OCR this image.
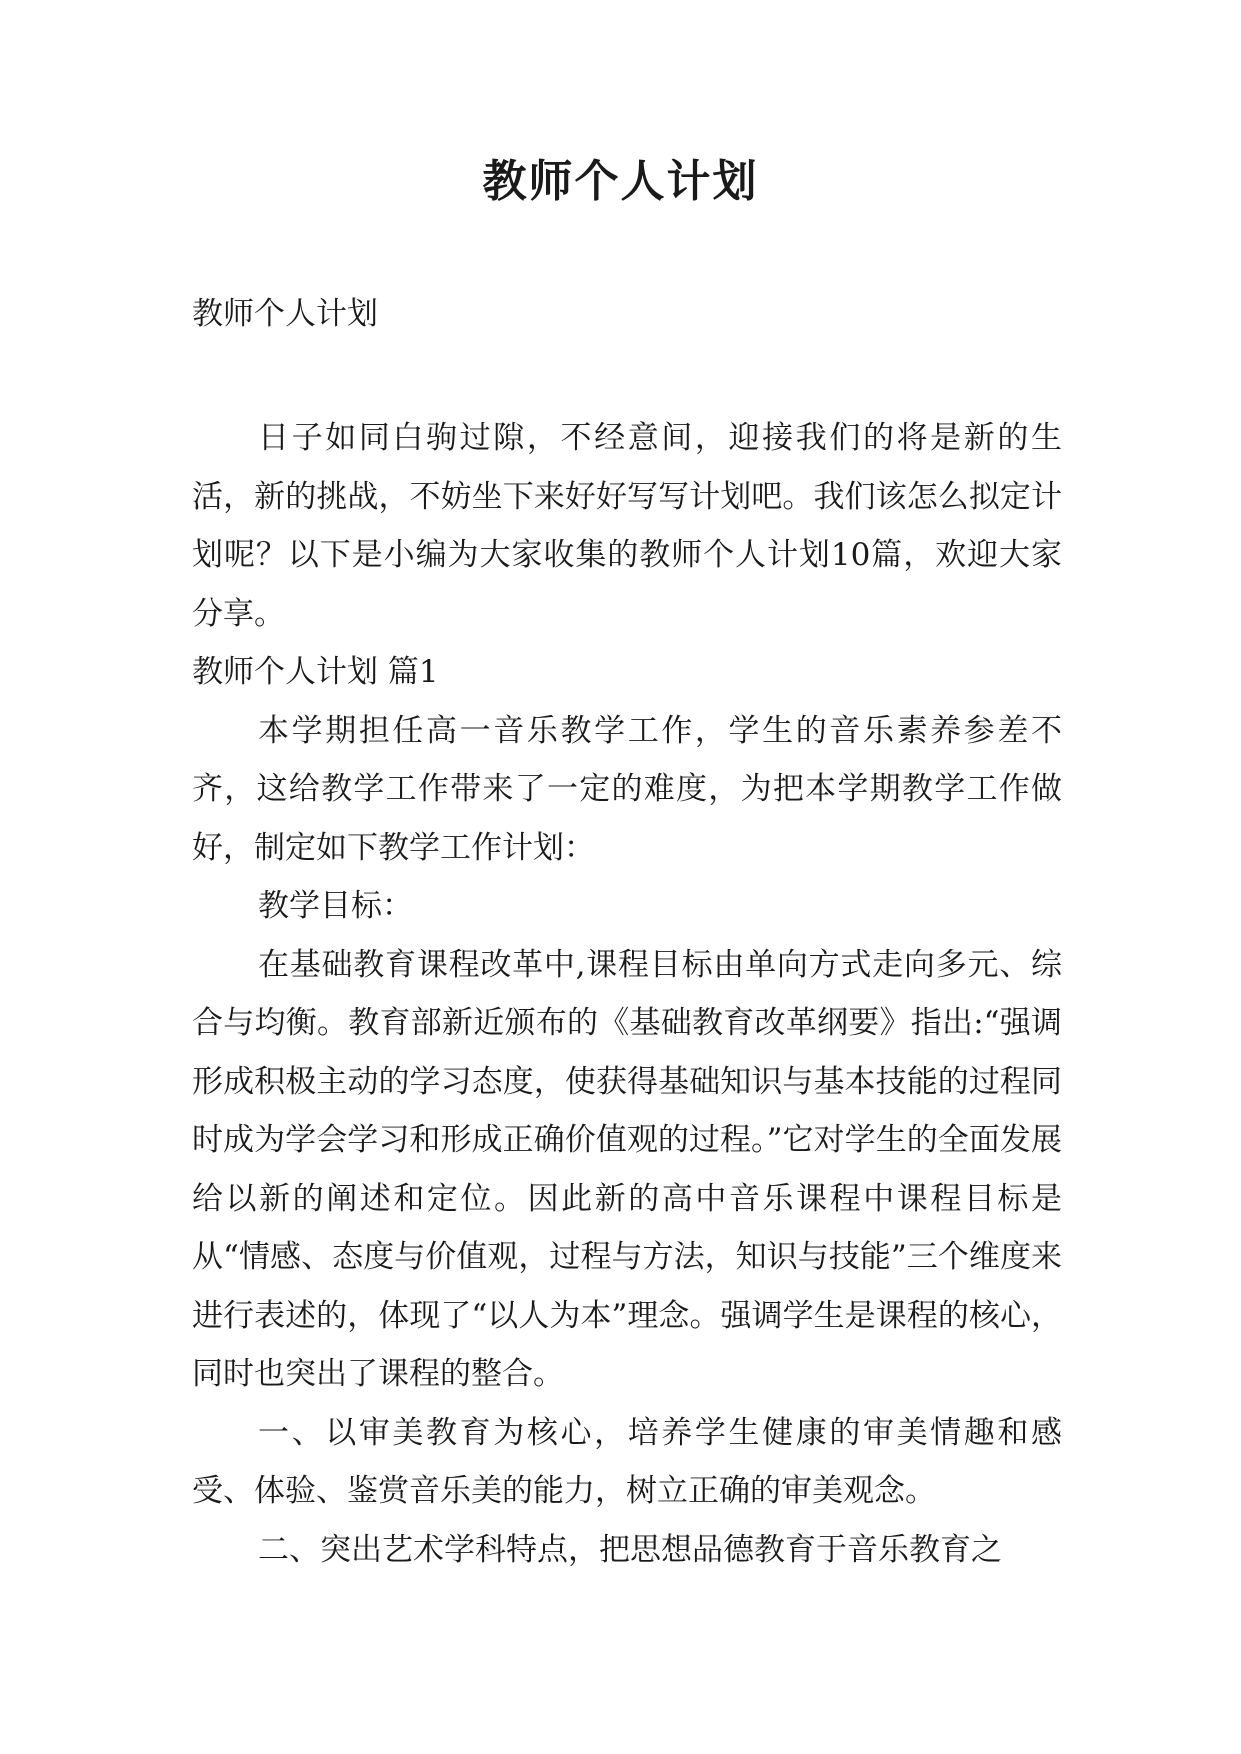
教师个人计划
教师个人计划

日子如同白驹过隙，不经意间，迎接我们的将是新的生活，新的挑战，不妨坐下来好好写写计划吧。我们该怎么拟定计划呢？以下是小编为大家收集的教师个人计划10篇，欢迎大家分享。

教师个人计划 篇1

本学期担任高一音乐教学工作，学生的音乐素养参差不齐，这给教学工作带来了一定的难度，为把本学期教学工作做好，制定如下教学工作计划：

教学目标：

在基础教育课程改革中,课程目标由单向方式走向多元、综合与均衡。教育部新近颁布的《基础教育改革纲要》指出:“强调形成积极主动的学习态度，使获得基础知识与基本技能的过程同时成为学会学习和形成正确价值观的过程。”它对学生的全面发展给以新的阐述和定位。因此新的高中音乐课程中课程目标是从“情感、态度与价值观，过程与方法，知识与技能”三个维度来进行表述的，体现了“以人为本”理念。强调学生是课程的核心，同时也突出了课程的整合。

一、以审美教育为核心，培养学生健康的审美情趣和感受、体验、鉴赏音乐美的能力，树立正确的审美观念。

二、突出艺术学科特点，把思想品德教育于音乐教育之
